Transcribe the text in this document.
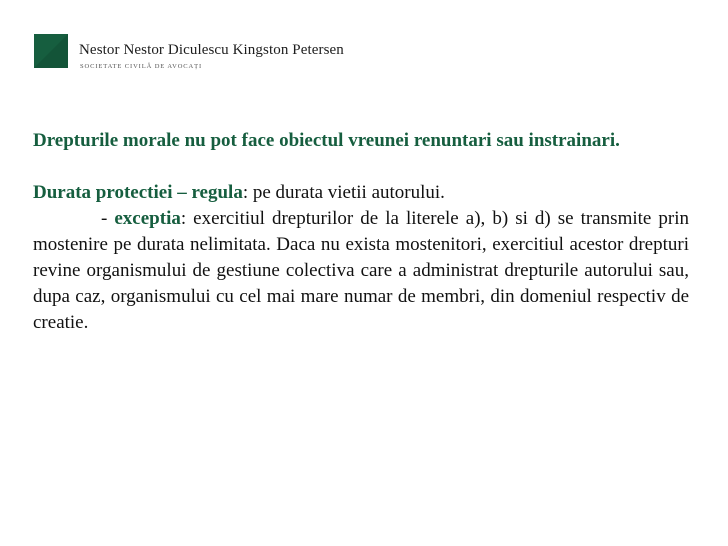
Nestor Nestor Diculescu Kingston Petersen
SOCIETATE CIVILĂ DE AVOCAȚI

Drepturile morale nu pot face obiectul vreunei renuntari sau instrainari.

Durata protectiei – regula: pe durata vietii autorului.

- exceptia: exercitiul drepturilor de la literele a), b) si d) se transmite prin mostenire pe durata nelimitata. Daca nu exista mostenitori, exercitiul acestor drepturi revine organismului de gestiune colectiva care a administrat drepturile autorului sau, dupa caz, organismului cu cel mai mare numar de membri, din domeniul respectiv de creatie.
